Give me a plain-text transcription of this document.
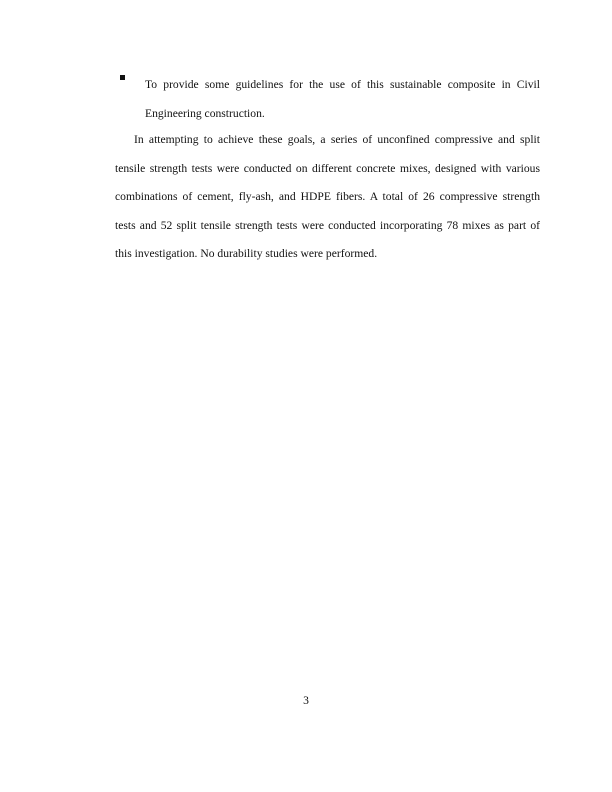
To provide some guidelines for the use of this sustainable composite in Civil
Engineering construction.
In attempting to achieve these goals, a series of unconfined compressive and split
tensile strength tests were conducted on different concrete mixes, designed with various
combinations of cement, fly-ash, and HDPE fibers. A total of 26 compressive strength
tests and 52 split tensile strength tests were conducted incorporating 78 mixes as part of
this investigation. No durability studies were performed.
3
